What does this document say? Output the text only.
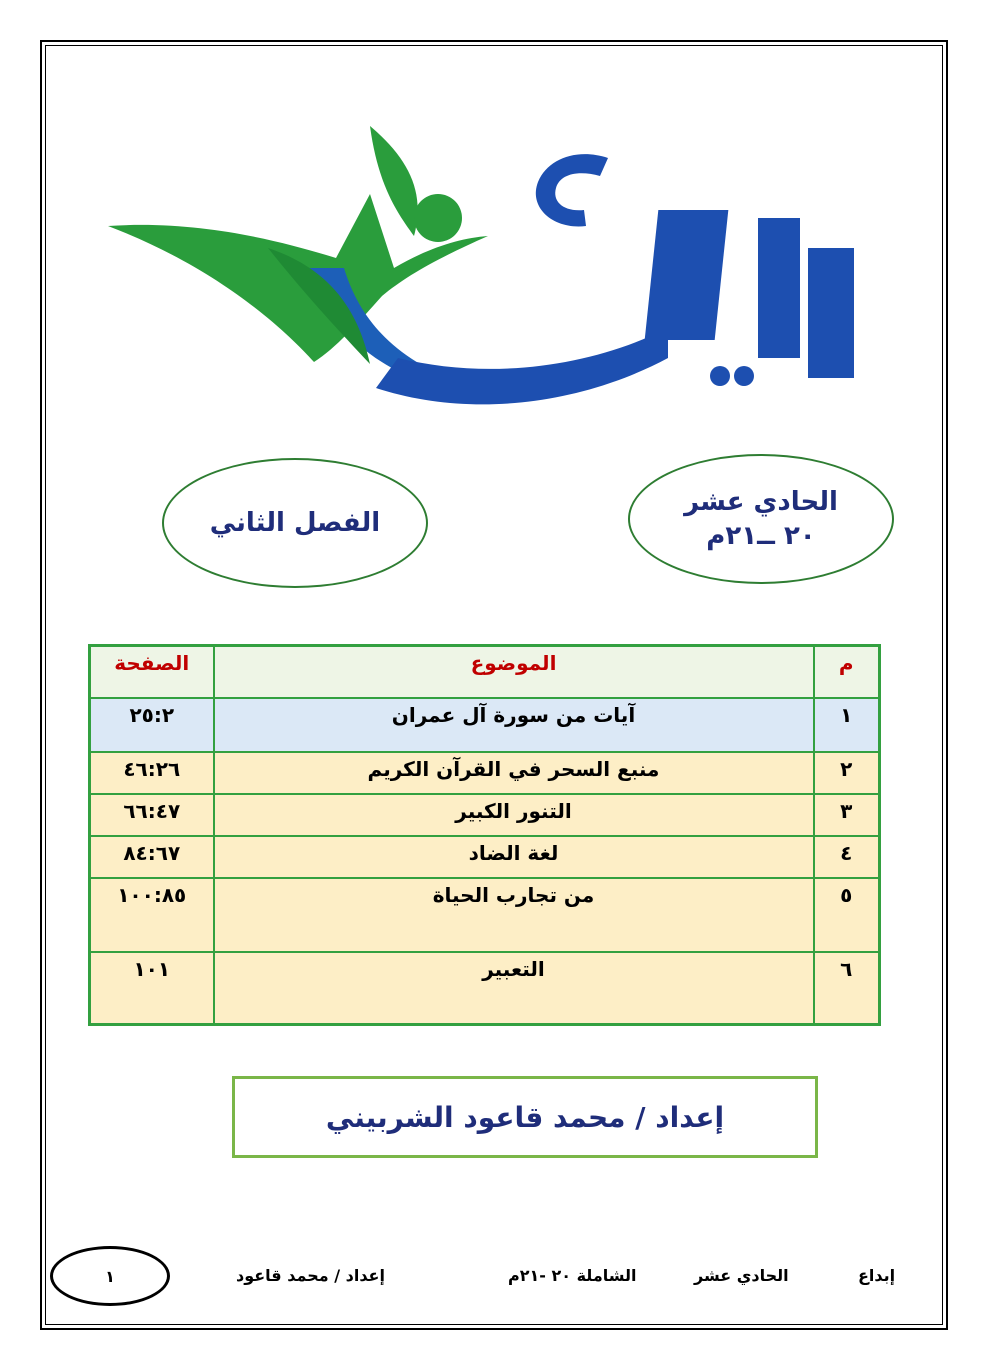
إبداع
الفصل الثاني
الحادي عشر
٢٠ ــ٢١م
م	الموضوع	الصفحة
١	آيات من سورة آل عمران	٢٥:٢
٢	منبع السحر في القرآن الكريم	٤٦:٢٦
٣	التنور الكبير	٦٦:٤٧
٤	لغة الضاد	٨٤:٦٧
٥	من تجارب الحياة	١٠٠:٨٥
٦	التعبير	١٠١
إعداد / محمد قاعود الشربيني
إبداع
الحادي عشر
الشاملة ٢٠ -٢١م
إعداد / محمد قاعود
١
